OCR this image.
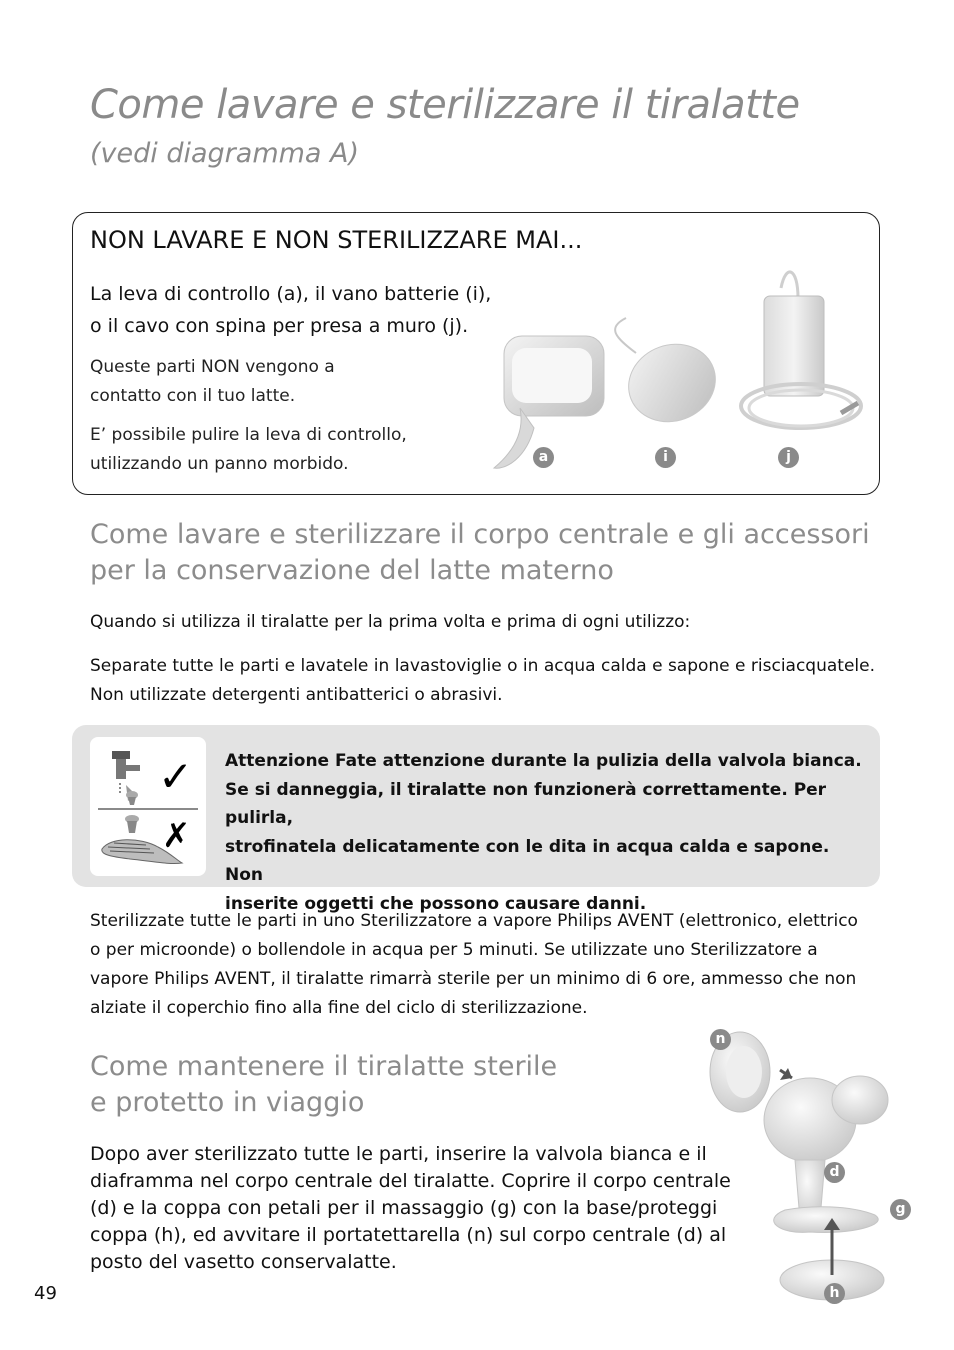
Come lavare e sterilizzare il tiralatte
(vedi diagramma A)
NON LAVARE E NON STERILIZZARE MAI...
La leva di controllo (a), il vano batterie (i),
o il cavo con spina per presa a muro (j).
Queste parti NON vengono a
contatto con il tuo latte.
E’ possibile pulire la leva di controllo,
utilizzando un panno morbido.	a	i	j
Come lavare e sterilizzare il corpo centrale e gli accessori
per la conservazione del latte materno
Quando si utilizza il tiralatte per la prima volta e prima di ogni utilizzo:
Separate tutte le parti e lavatele in lavastoviglie o in acqua calda e sapone e risciacquatele.
Non utilizzate detergenti antibatterici o abrasivi.
✓
✗
Attenzione Fate attenzione durante la pulizia della valvola bianca.
Se si danneggia, il tiralatte non funzionerà correttamente. Per pulirla,
strofinatela delicatamente con le dita in acqua calda e sapone. Non
inserite oggetti che possono causare danni.
Sterilizzate tutte le parti in uno Sterilizzatore a vapore Philips AVENT (elettronico, elettrico
o per microonde) o bollendole in acqua per 5 minuti. Se utilizzate uno Sterilizzatore a
vapore Philips AVENT, il tiralatte rimarrà sterile per un minimo di 6 ore, ammesso che non
alziate il coperchio fino alla fine del ciclo di sterilizzazione.
Come mantenere il tiralatte sterile
e protetto in viaggio
Dopo aver sterilizzato tutte le parti, inserire la valvola bianca e il
diaframma nel corpo centrale del tiralatte. Coprire il corpo centrale
(d) e la coppa con petali per il massaggio (g) con la base/proteggi
coppa (h), ed avvitare il portatettarella (n) sul corpo centrale (d) al
posto del vasetto conservalatte.
n
d
g
h
49
